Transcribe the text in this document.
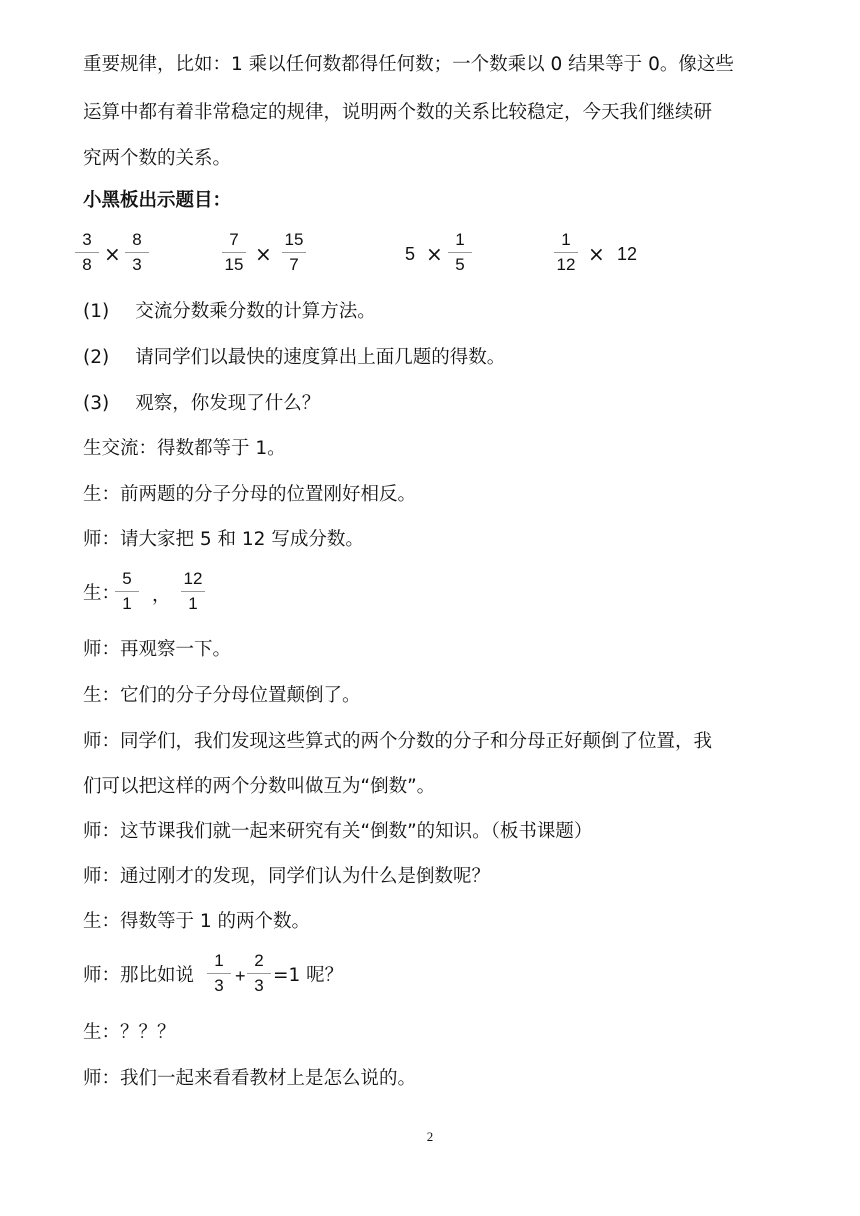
重要规律，比如：1 乘以任何数都得任何数；一个数乘以 0 结果等于 0。像这些
运算中都有着非常稳定的规律，说明两个数的关系比较稳定，今天我们继续研
究两个数的关系。
小黑板出示题目：
3
8 ×
8
3
7
15 ×
15
7
5 ×
1
5
1
12 × 12
(1) 交流分数乘分数的计算方法。
(2) 请同学们以最快的速度算出上面几题的得数。
(3) 观察，你发现了什么？
生交流：得数都等于 1。
生：前两题的分子分母的位置刚好相反。
师：请大家把 5 和 12 写成分数。
生：
5
1	，
12
1
师：再观察一下。
生：它们的分子分母位置颠倒了。
师：同学们，我们发现这些算式的两个分数的分子和分母正好颠倒了位置，我
们可以把这样的两个分数叫做互为“倒数”。
师：这节课我们就一起来研究有关“倒数”的知识。（板书课题）
师：通过刚才的发现，同学们认为什么是倒数呢？
生：得数等于 1 的两个数。
师：那比如说
1
3 +
2
3 =1 呢？
生：？？？
师：我们一起来看看教材上是怎么说的。
2
